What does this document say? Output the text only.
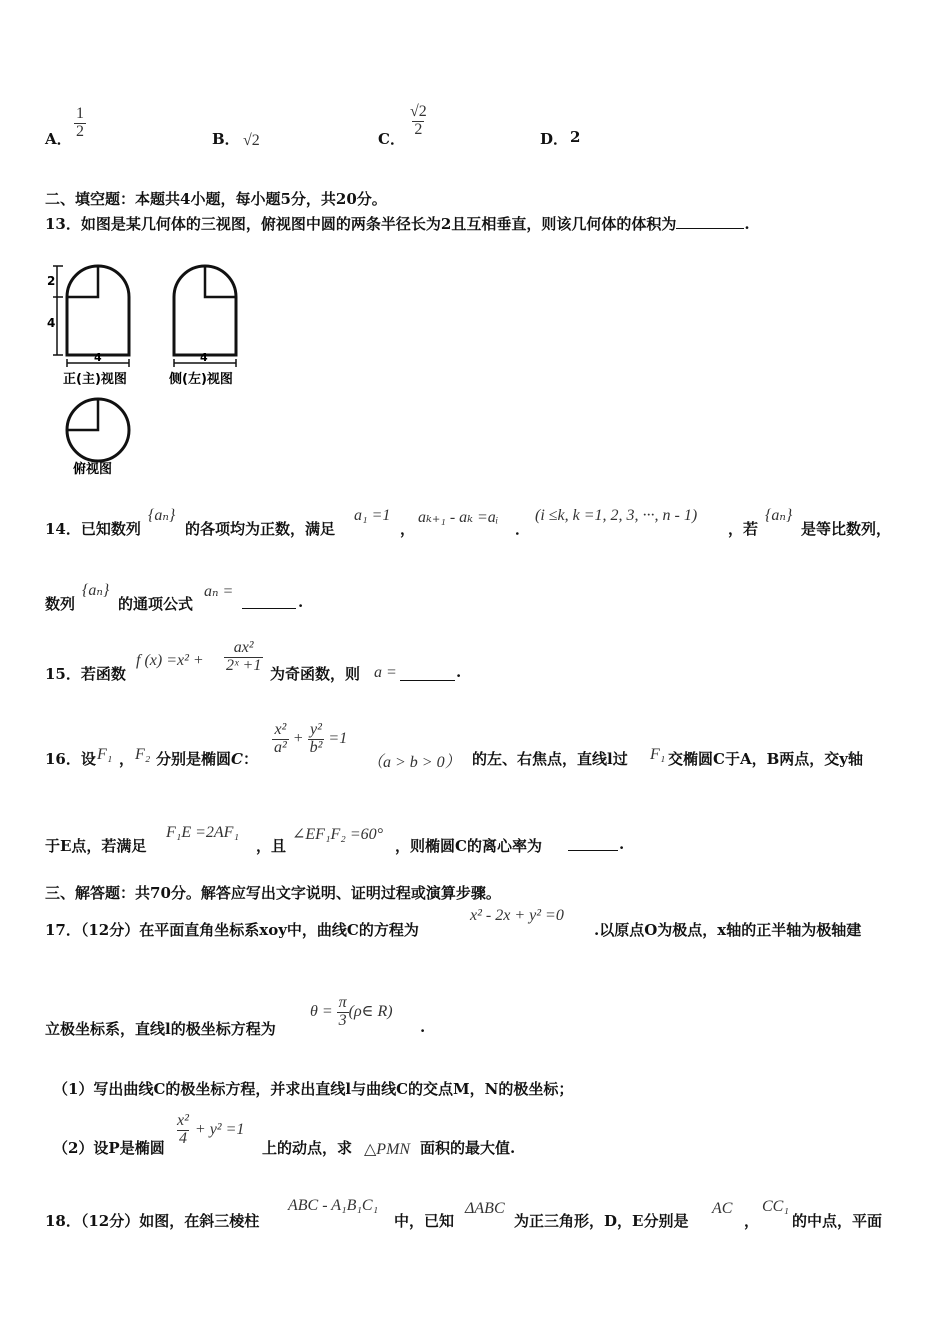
A． $\frac{1}{2}$	B． √2	C．
$\frac{√2}{2}$
D． 2
二、填空题：本题共4小题，每小题5分，共20分。
13．如图是某几何体的三视图，俯视图中圆的两条半径长为2且互相垂直，则该几何体的体积为	.
2
4
4
正(主)视图
4
侧(左)视图
俯视图
14．已知数列
{aₙ}
的各项均为正数，满足
a₁ =1
，
aₖ₊₁ - aₖ =aᵢ
．
(i ≤k, k =1, 2, 3, ···, n - 1)
，若
{aₙ}
是等比数列，
数列
{aₙ}
的通项公式
aₙ =
.
15．若函数
f $(x) =x^2 + \frac{\text{ax²}}{\text{2ˣ +1}}$ 为奇函数，则 a =	.
16．设 F₁ ， F₂ 分别是椭圆C：
$\frac{\text{x²}}{\text{a²}} + \frac{\text{y²}}{\text{b²}} =1$
（a > b > 0） 的左、右焦点，直线l过 F₁ 交椭圆C于A，B两点，交y轴
于E点，若满足
F₁E =2AF₁
，且
∠EF₁F₂ =60°
，则椭圆C的离心率为	.
三、解答题：共70分。解答应写出文字说明、证明过程或演算步骤。
17．（12分）在平面直角坐标系xoy中，曲线C的方程为
x² - 2x + y² =0
.以原点O为极点，x轴的正半轴为极轴建
立极坐标系，直线l的极坐标方程为
$\theta = \frac{\pi}{3}$ (ρ∈ R)
.
（1）写出曲线C的极坐标方程，并求出直线l与曲线C的交点M，N的极坐标；
（2）设P是椭圆
$\frac{\text{x²}}{4} + y^2 =1$
上的动点，求 △PMN 面积的最大值.
18．（12分）如图，在斜三棱柱
ABC - A₁B₁C₁
中，已知
ΔABC
为正三角形，D，E分别是
AC
，
CC₁
的中点，平面
